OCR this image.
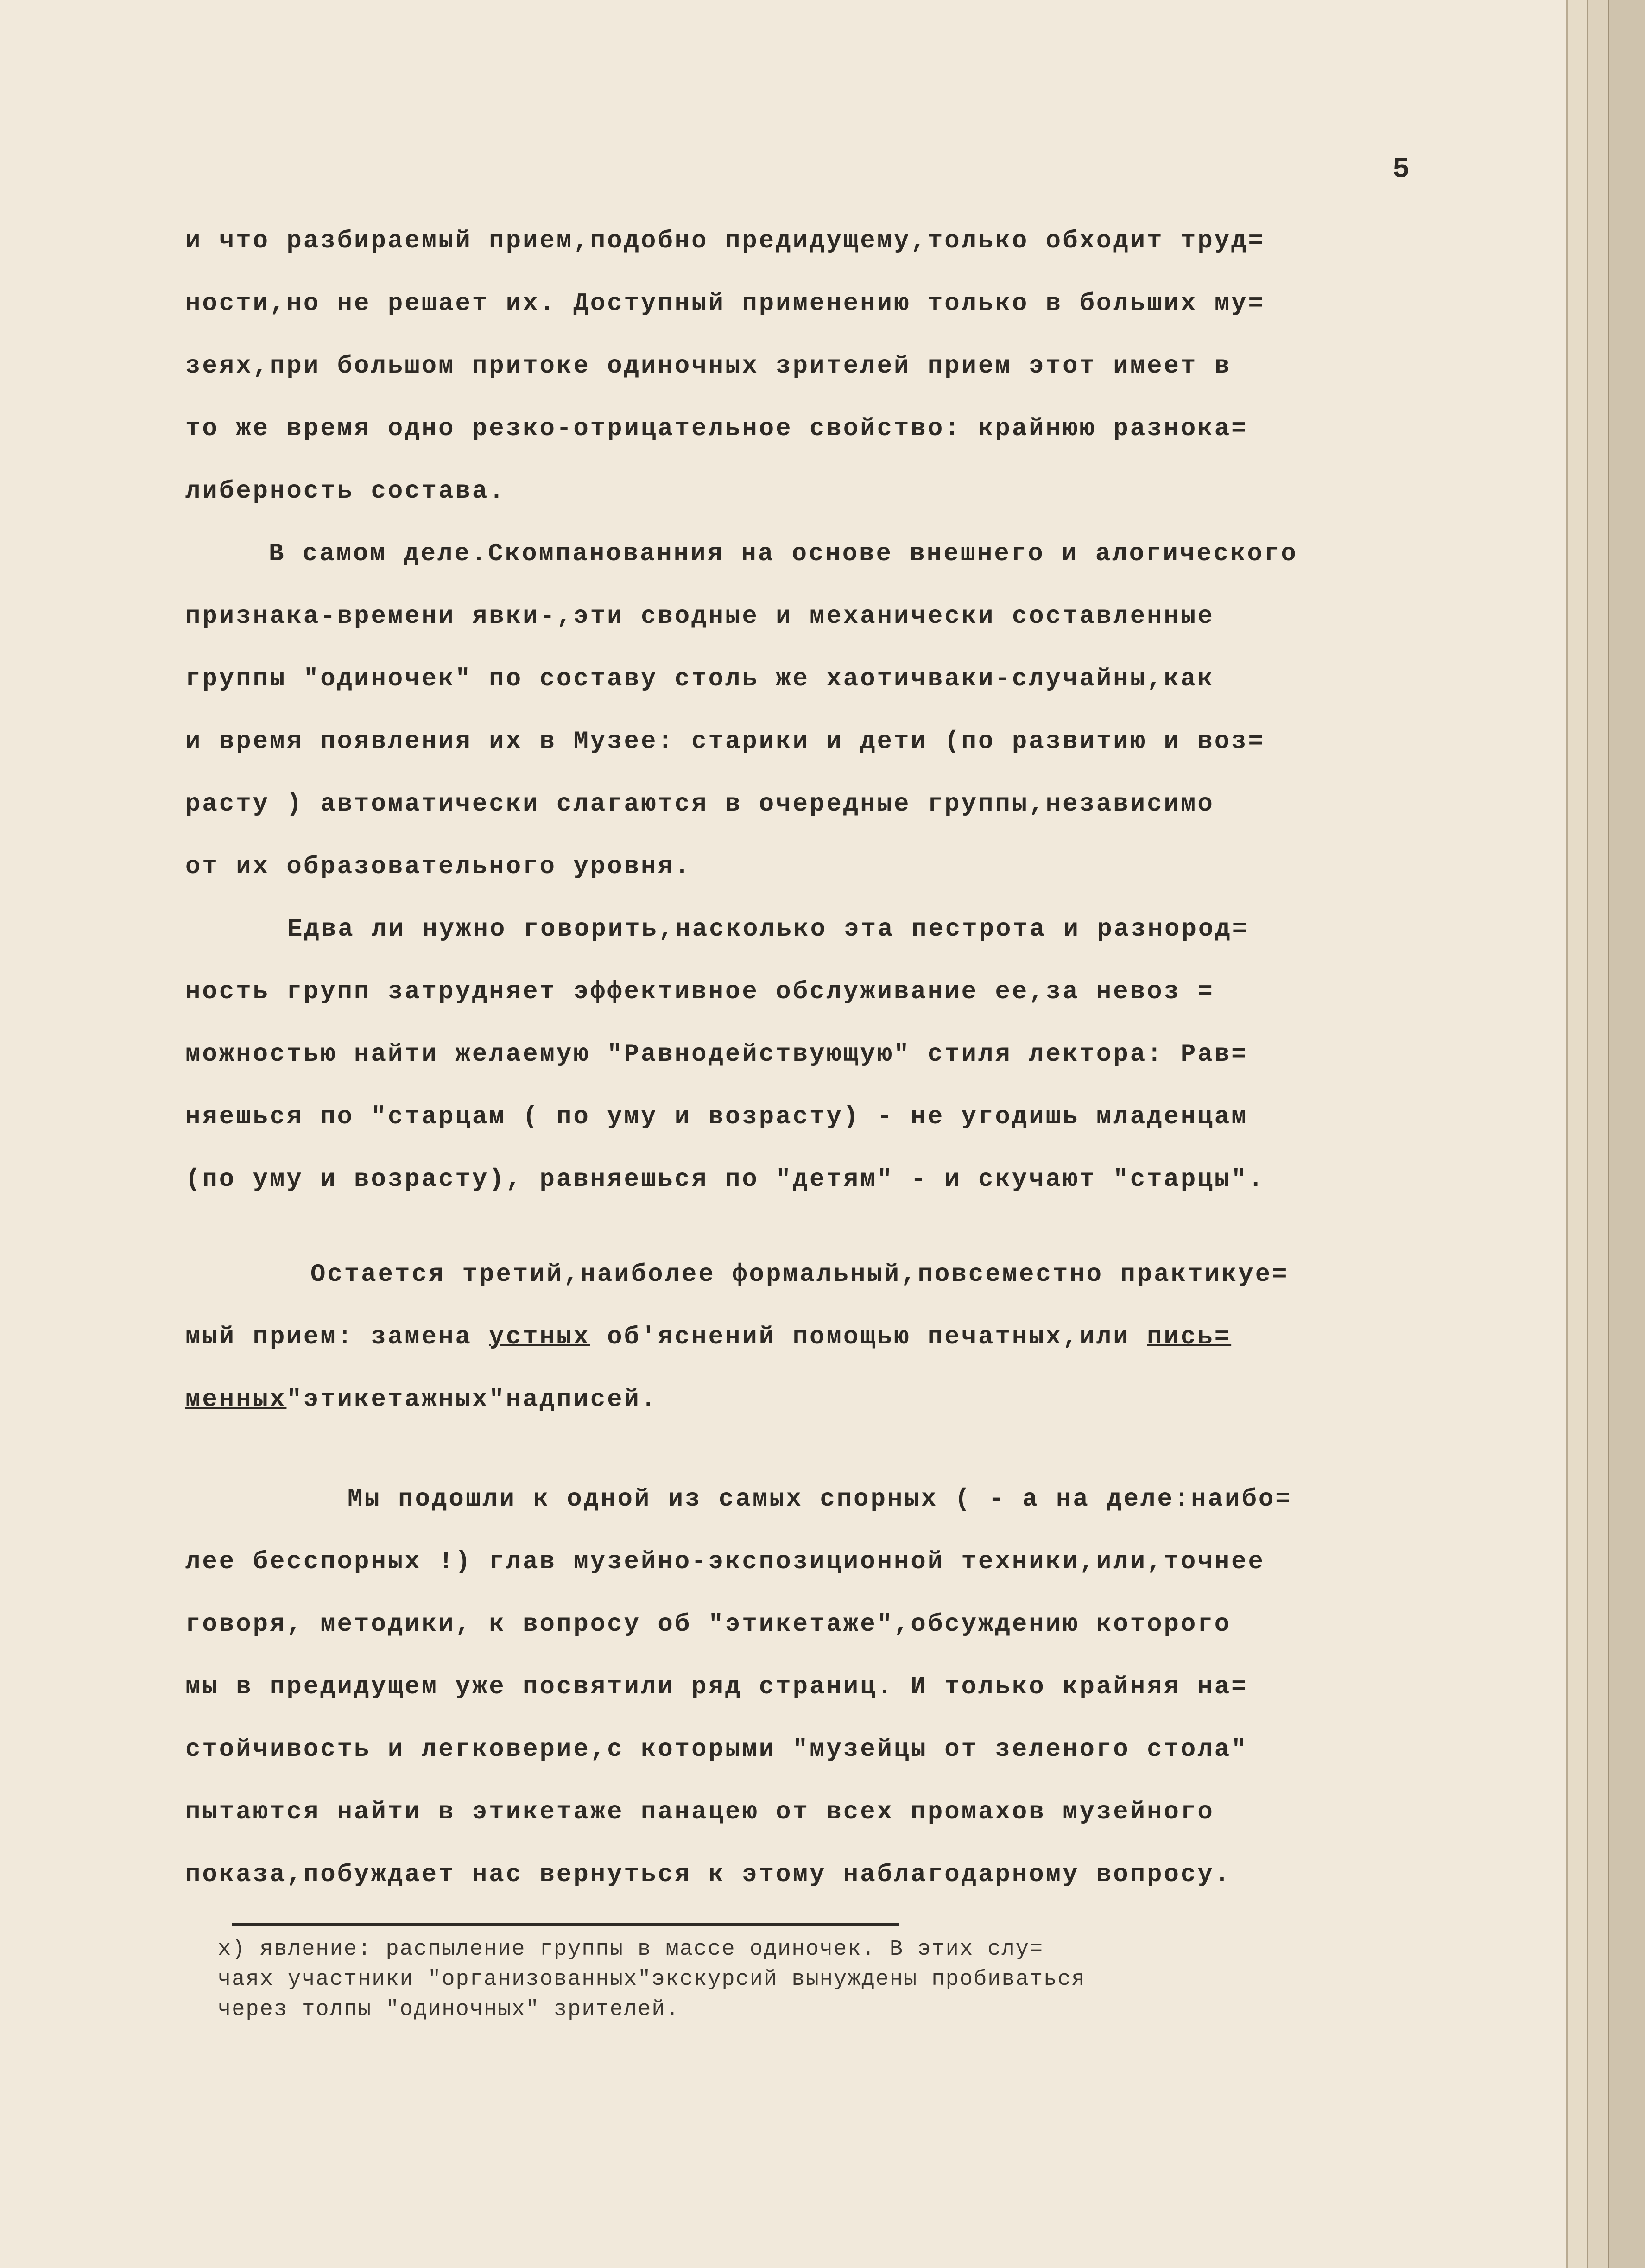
5
и что разбираемый прием,подобно предидущему,только обходит труд=
ности,но не решает их. Доступный применению только в больших му=
зеях,при большом притоке одиночных зрителей прием этот имеет в
то же время одно резко-отрицательное свойство: крайнюю разнока=
либерность состава.
В самом деле.Скомпанованния на основе внешнего и алогического
признака-времени явки-,эти сводные и механически составленные
группы "одиночек" по составу столь же хаотичваки-случайны,как
и время появления их в Музее: старики и дети (по развитию и воз=
расту ) автоматически слагаются в очередные группы,независимо
от их образовательного уровня.
Едва ли нужно говорить,насколько эта пестрота и разнород=
ность групп затрудняет эффективное обслуживание ее,за невоз =
можностью найти желаемую "Равнодействующую" стиля лектора: Рав=
няешься по "старцам ( по уму и возрасту) - не угодишь младенцам
(по уму и возрасту), равняешься по "детям" - и скучают "старцы".
Остается третий,наиболее формальный,повсеместно практикуе=
мый прием: замена устных об'яснений помощью печатных,или пись=
менных"этикетажных"надписей.
Мы подошли к одной из самых спорных ( - а на деле:наибо=
лее бесспорных !) глав музейно-экспозиционной техники,или,точнее
говоря, методики, к вопросу об "этикетаже",обсуждению которого
мы в предидущем уже посвятили ряд страниц. И только крайняя на=
стойчивость и легковерие,с которыми "музейцы от зеленого стола"
пытаются найти в этикетаже панацею от всех промахов музейного
показа,побуждает нас вернуться к этому наблагодарному вопросу.
х) явление: распыление группы в массе одиночек. В этих слу=
чаях участники "организованных"экскурсий вынуждены пробиваться
через толпы "одиночных" зрителей.
